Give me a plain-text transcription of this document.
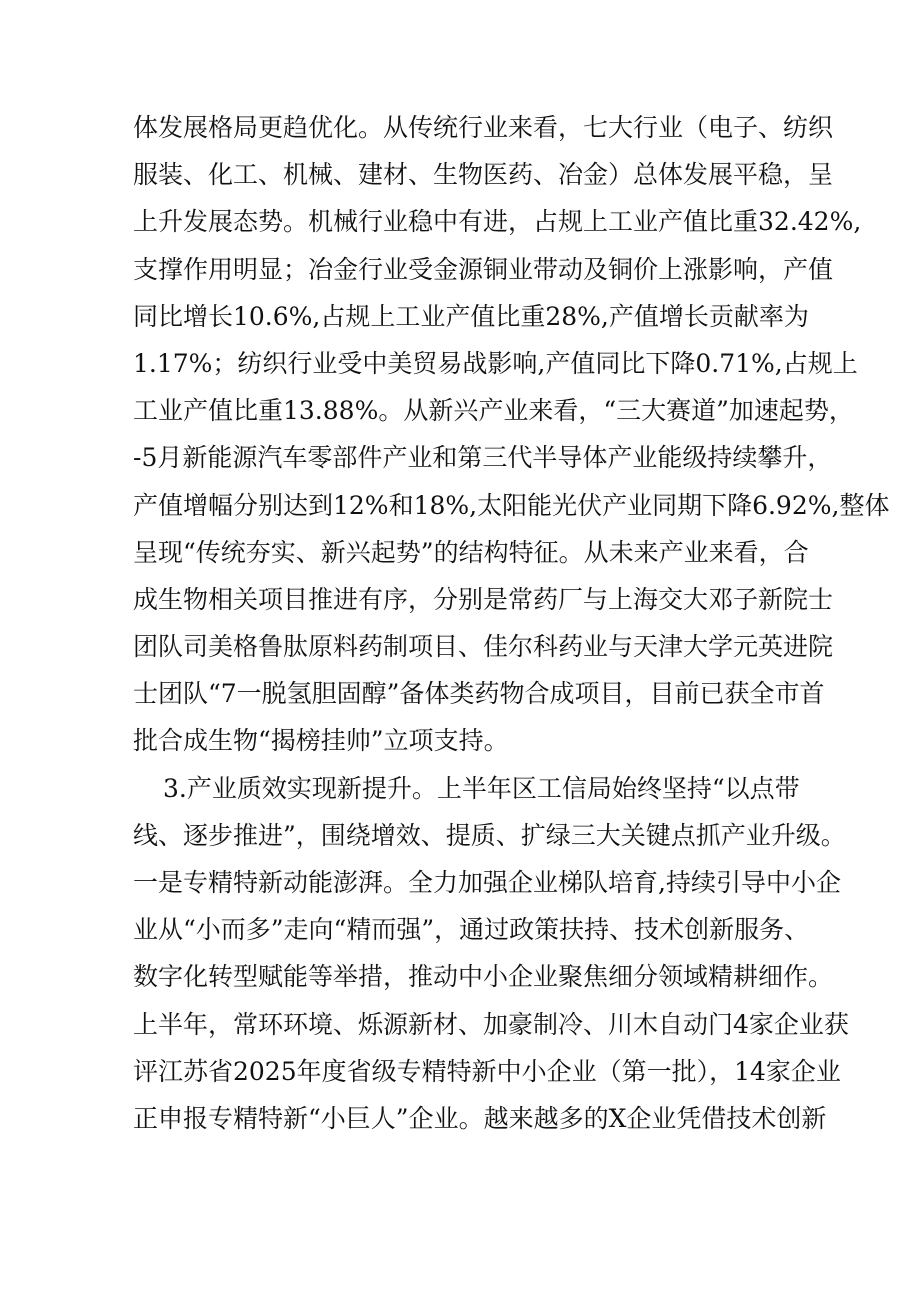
体发展格局更趋优化。从传统行业来看，七大行业（电子、纺织
服装、化工、机械、建材、生物医药、冶金）总体发展平稳，呈
上升发展态势。机械行业稳中有进，占规上工业产值比重32.42%,
支撑作用明显；冶金行业受金源铜业带动及铜价上涨影响，产值
同比增长10.6%,占规上工业产值比重28%,产值增长贡献率为
1.17%；纺织行业受中美贸易战影响,产值同比下降0.71%,占规上
工业产值比重13.88%。从新兴产业来看，“三大赛道”加速起势，
-5月新能源汽车零部件产业和第三代半导体产业能级持续攀升，
产值增幅分别达到12%和18%,太阳能光伏产业同期下降6.92%,整体
呈现“传统夯实、新兴起势”的结构特征。从未来产业来看，合
成生物相关项目推进有序，分别是常药厂与上海交大邓子新院士
团队司美格鲁肽原料药制项目、佳尔科药业与天津大学元英进院
士团队“7一脱氢胆固醇”备体类药物合成项目，目前已获全市首
批合成生物“揭榜挂帅”立项支持。
3.产业质效实现新提升。上半年区工信局始终坚持“以点带
线、逐步推进”，围绕增效、提质、扩绿三大关键点抓产业升级。
一是专精特新动能澎湃。全力加强企业梯队培育,持续引导中小企
业从“小而多”走向“精而强”，通过政策扶持、技术创新服务、
数字化转型赋能等举措，推动中小企业聚焦细分领域精耕细作。
上半年，常环环境、烁源新材、加豪制冷、川木自动门4家企业获
评江苏省2025年度省级专精特新中小企业（第一批），14家企业
正申报专精特新“小巨人”企业。越来越多的X企业凭借技术创新
